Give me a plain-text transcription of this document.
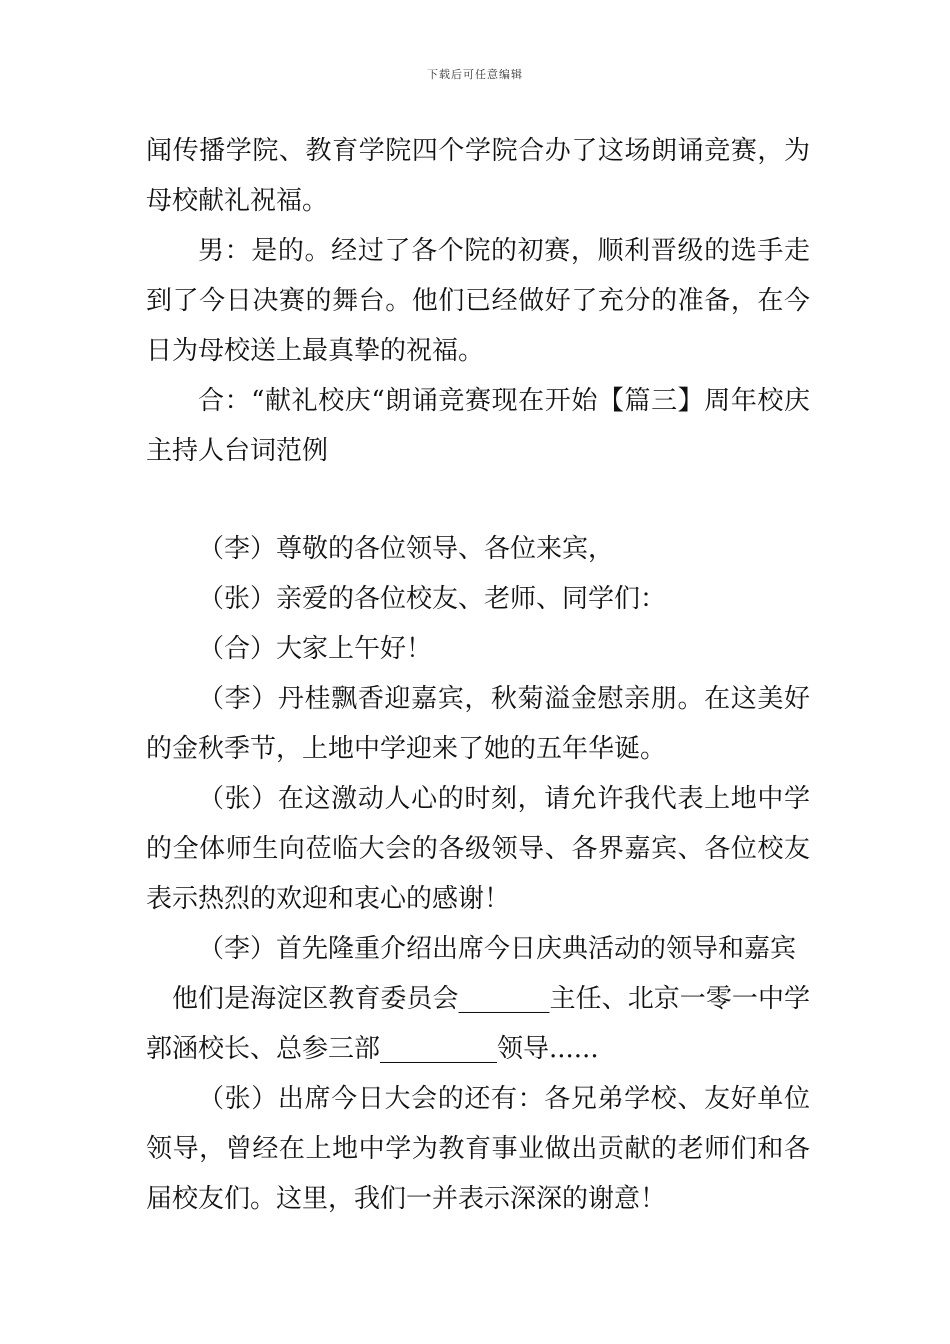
下载后可任意编辑

闻传播学院、教育学院四个学院合办了这场朗诵竞赛，为母校献礼祝福。

男：是的。经过了各个院的初赛，顺利晋级的选手走到了今日决赛的舞台。他们已经做好了充分的准备，在今日为母校送上最真挚的祝福。

合：“献礼校庆“朗诵竞赛现在开始【篇三】周年校庆主持人台词范例

（李）尊敬的各位领导、各位来宾，

（张）亲爱的各位校友、老师、同学们：

（合）大家上午好！

（李）丹桂飘香迎嘉宾，秋菊溢金慰亲朋。在这美好的金秋季节，上地中学迎来了她的五年华诞。

（张）在这激动人心的时刻，请允许我代表上地中学的全体师生向莅临大会的各级领导、各界嘉宾、各位校友表示热烈的欢迎和衷心的感谢！

（李）首先隆重介绍出席今日庆典活动的领导和嘉宾

他们是海淀区教育委员会_______主任、北京一零一中学郭涵校长、总参三部_________领导......

（张）出席今日大会的还有：各兄弟学校、友好单位领导，曾经在上地中学为教育事业做出贡献的老师们和各届校友们。这里，我们一并表示深深的谢意！
